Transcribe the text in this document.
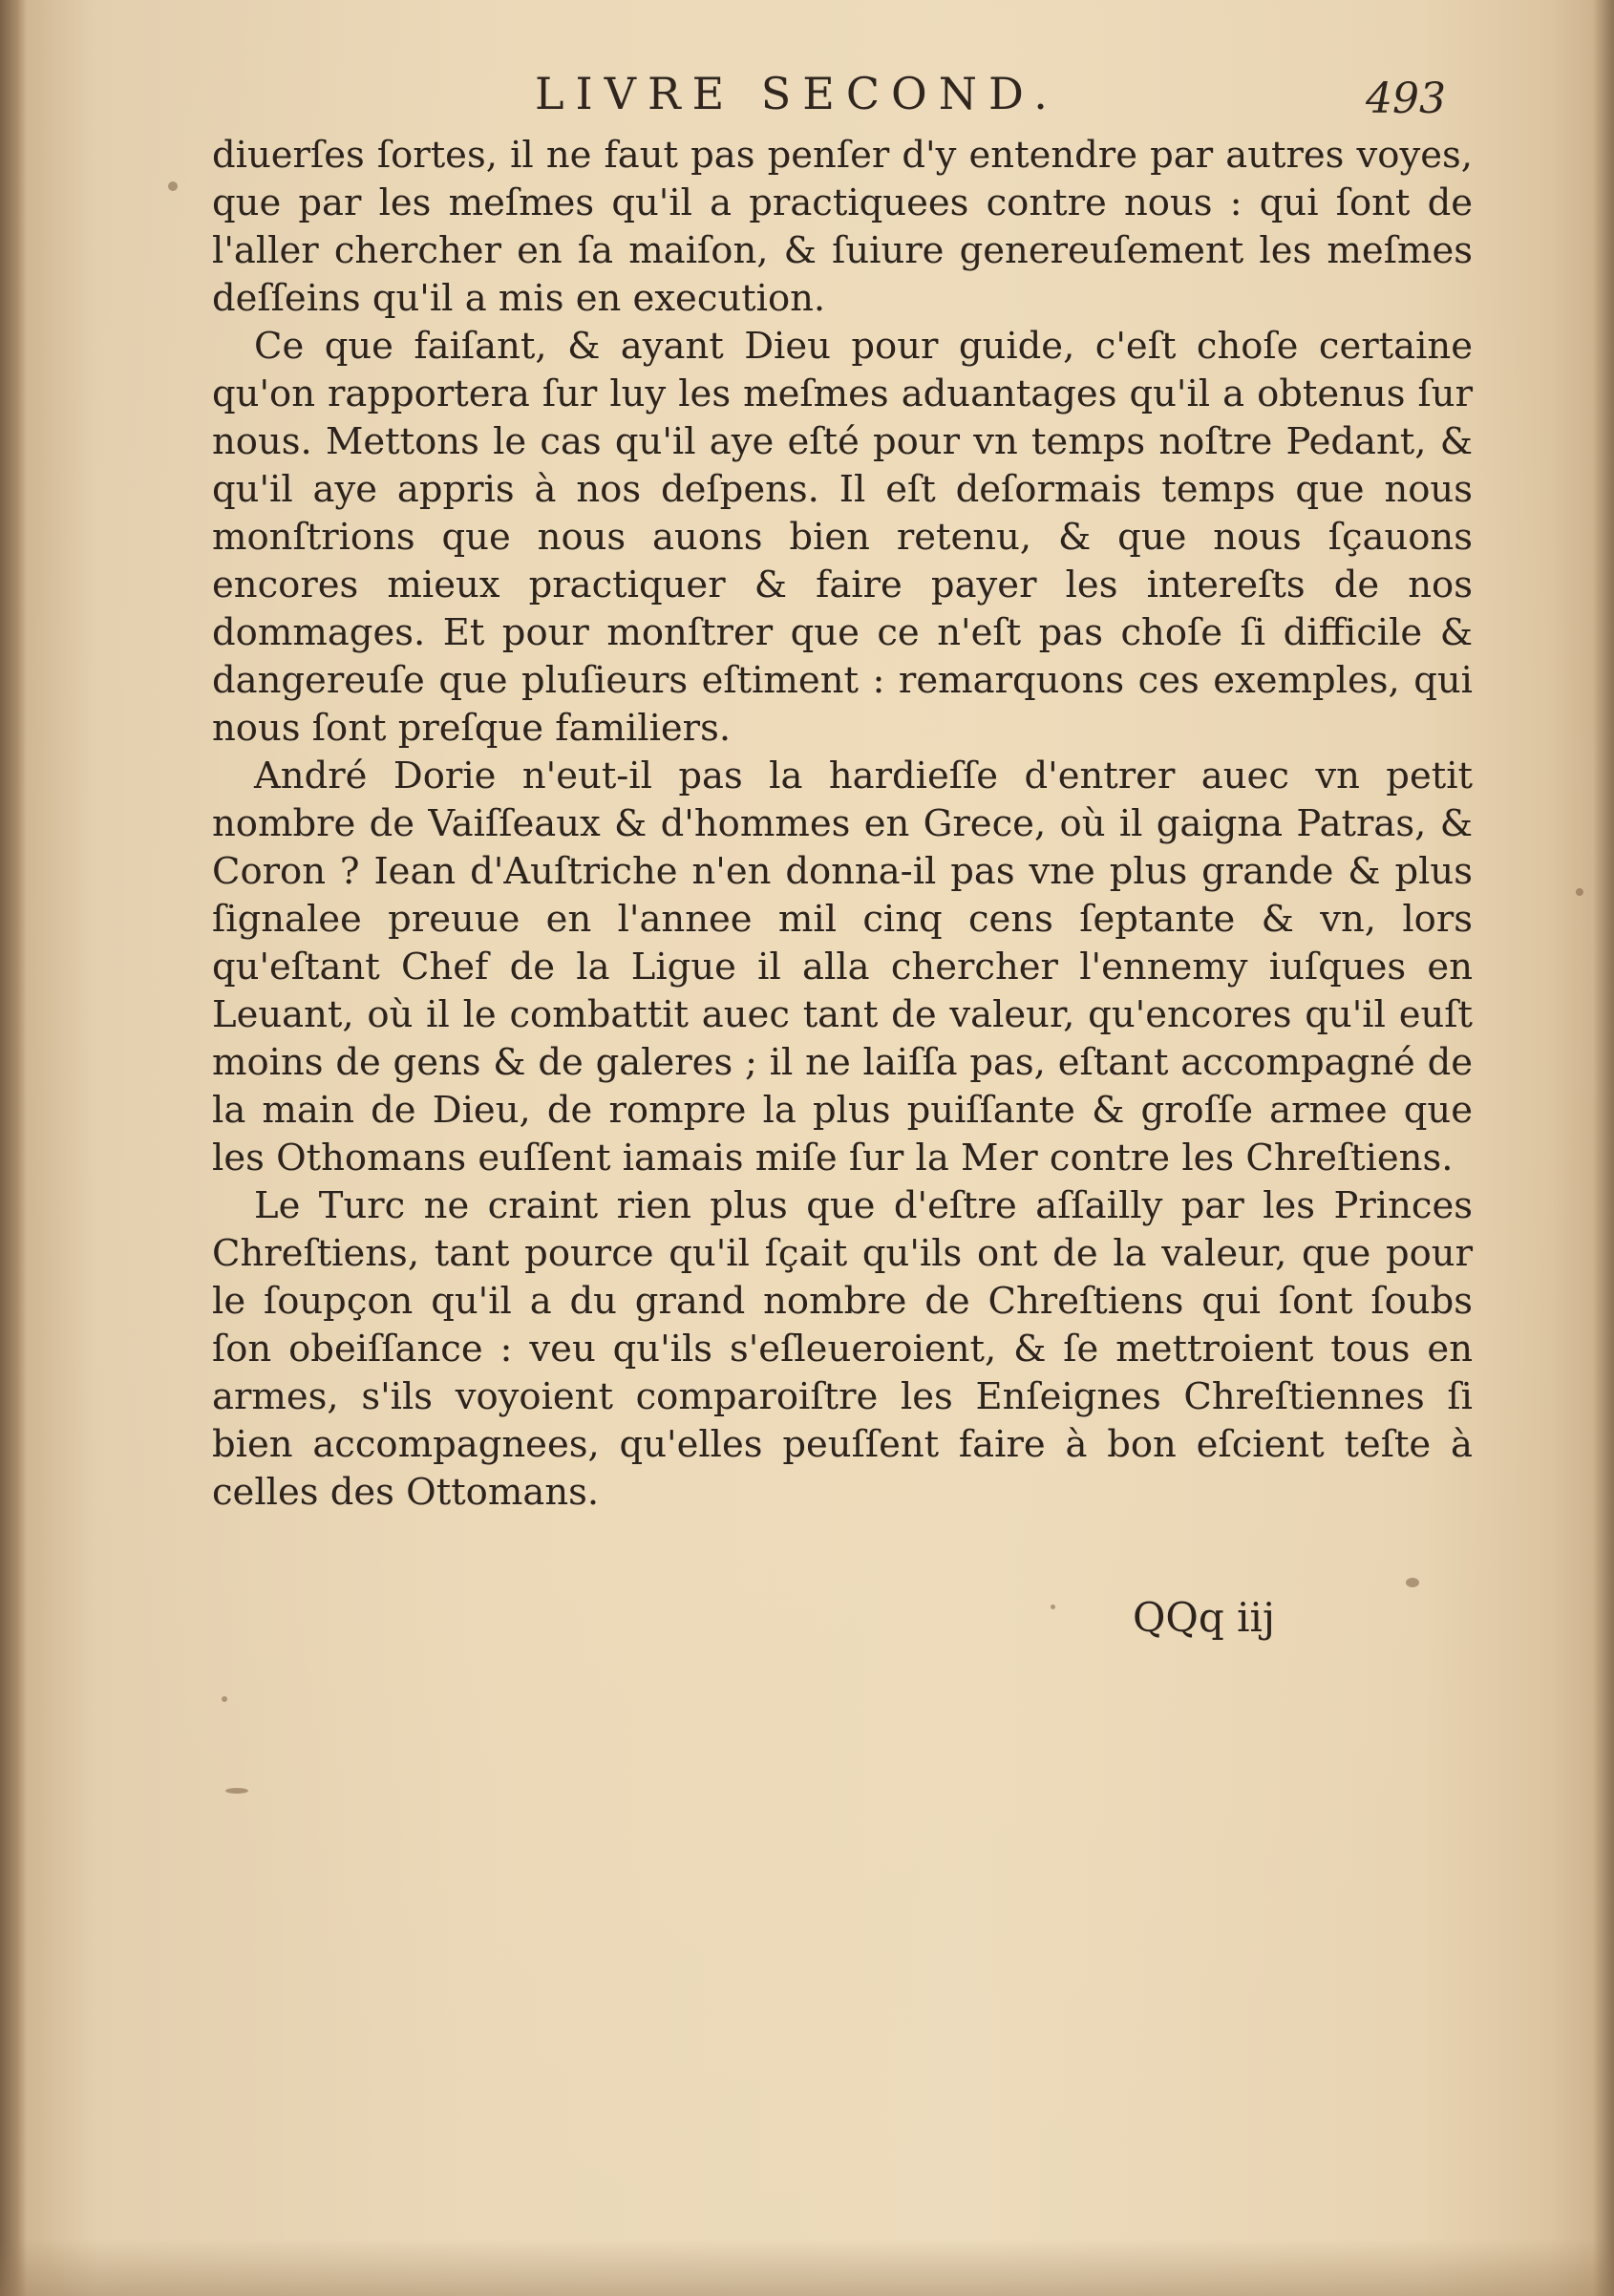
LIVRE SECOND.	493

diuerſes ſortes, il ne faut pas penſer d'y entendre par autres voyes, que par les meſmes qu'il a practiquees contre nous : qui ſont de l'aller chercher en ſa maiſon, & ſuiure genereuſement les meſmes deſſeins qu'il a mis en execution.

Ce que faiſant, & ayant Dieu pour guide, c'eſt choſe certaine qu'on rapportera ſur luy les meſmes aduantages qu'il a obtenus ſur nous. Mettons le cas qu'il aye eſté pour vn temps noſtre Pedant, & qu'il aye appris à nos deſpens. Il eſt deſormais temps que nous monſtrions que nous auons bien retenu, & que nous ſçauons encores mieux practiquer & faire payer les intereſts de nos dommages. Et pour monſtrer que ce n'eſt pas choſe ſi difficile & dangereuſe que pluſieurs eſtiment : remarquons ces exemples, qui nous ſont preſque familiers.

André Dorie n'eut-il pas la hardieſſe d'entrer auec vn petit nombre de Vaiſſeaux & d'hommes en Grece, où il gaigna Patras, & Coron ? Iean d'Auſtriche n'en donna-il pas vne plus grande & plus ſignalee preuue en l'annee mil cinq cens ſeptante & vn, lors qu'eſtant Chef de la Ligue il alla chercher l'ennemy iuſques en Leuant, où il le combattit auec tant de valeur, qu'encores qu'il euſt moins de gens & de galeres ; il ne laiſſa pas, eſtant accompagné de la main de Dieu, de rompre la plus puiſſante & groſſe armee que les Othomans euſſent iamais miſe ſur la Mer contre les Chreſtiens.

Le Turc ne craint rien plus que d'eſtre aſſailly par les Princes Chreſtiens, tant pource qu'il ſçait qu'ils ont de la valeur, que pour le ſoupçon qu'il a du grand nombre de Chreſtiens qui ſont ſoubs ſon obeiſſance : veu qu'ils s'eſleueroient, & ſe mettroient tous en armes, s'ils voyoient comparoiſtre les Enſeignes Chreſtiennes ſi bien accompagnees, qu'elles peuſſent faire à bon eſcient teſte à celles des Ottomans.

QQq iij
